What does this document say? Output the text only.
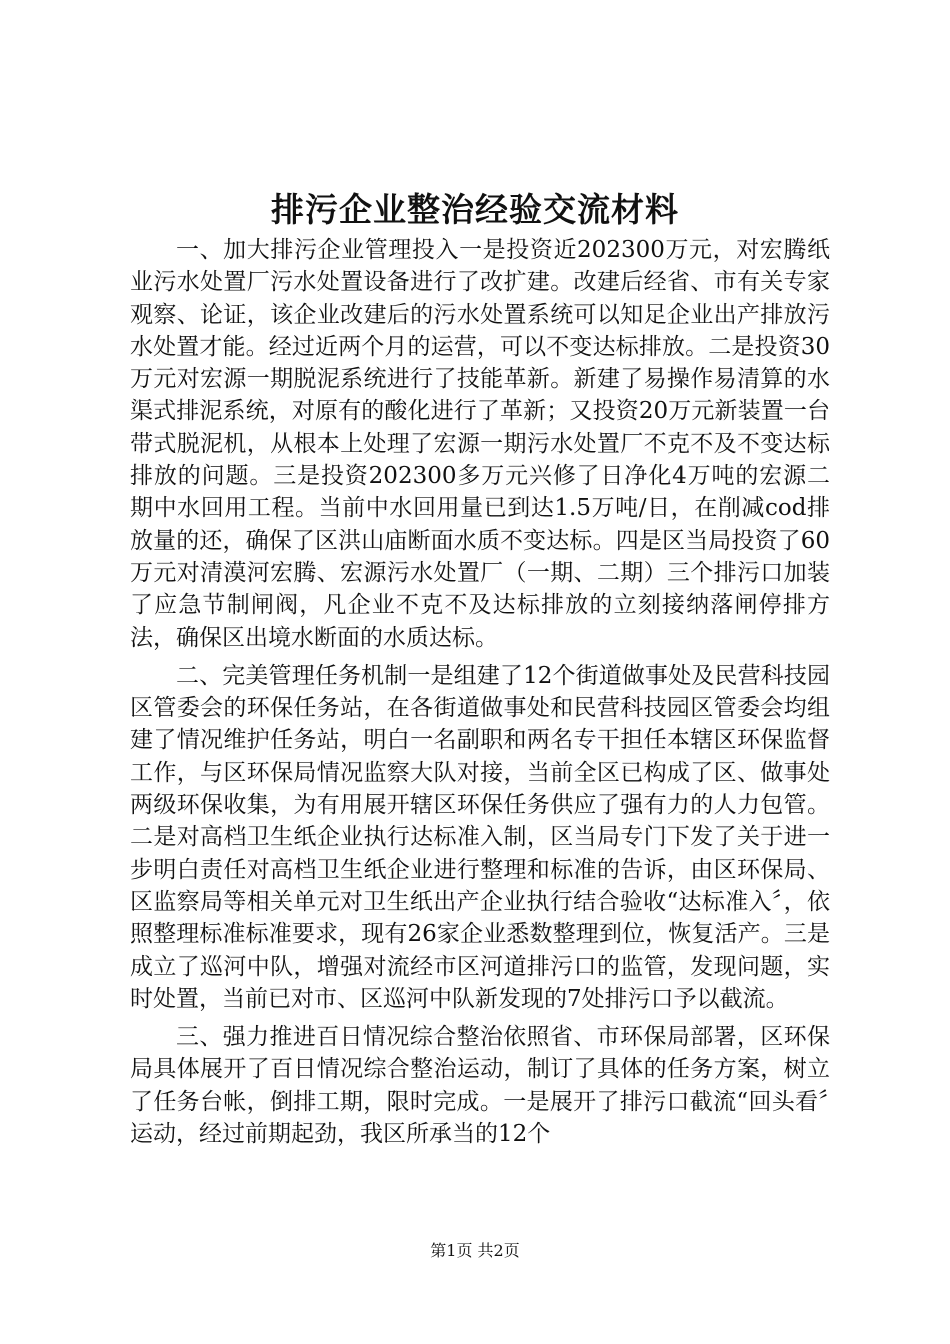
排污企业整治经验交流材料

一、加大排污企业管理投入一是投资近202300万元，对宏腾纸业污水处置厂污水处置设备进行了改扩建。改建后经省、市有关专家观察、论证，该企业改建后的污水处置系统可以知足企业出产排放污水处置才能。经过近两个月的运营，可以不变达标排放。二是投资30万元对宏源一期脱泥系统进行了技能革新。新建了易操作易清算的水渠式排泥系统，对原有的酸化进行了革新；又投资20万元新装置一台带式脱泥机，从根本上处理了宏源一期污水处置厂不克不及不变达标排放的问题。三是投资202300多万元兴修了日净化4万吨的宏源二期中水回用工程。当前中水回用量已到达1.5万吨/日，在削减cod排放量的还，确保了区洪山庙断面水质不变达标。四是区当局投资了60万元对清漠河宏腾、宏源污水处置厂（一期、二期）三个排污口加装了应急节制闸阀，凡企业不克不及达标排放的立刻接纳落闸停排方法，确保区出境水断面的水质达标。

二、完美管理任务机制一是组建了12个街道做事处及民营科技园区管委会的环保任务站，在各街道做事处和民营科技园区管委会均组建了情况维护任务站，明白一名副职和两名专干担任本辖区环保监督工作，与区环保局情况监察大队对接，当前全区已构成了区、做事处两级环保收集，为有用展开辖区环保任务供应了强有力的人力包管。二是对高档卫生纸企业执行达标准入制，区当局专门下发了关于进一步明白责任对高档卫生纸企业进行整理和标准的告诉，由区环保局、区监察局等相关单元对卫生纸出产企业执行结合验收“达标准入〞，依照整理标准标准要求，现有26家企业悉数整理到位，恢复活产。三是成立了巡河中队，增强对流经市区河道排污口的监管，发现问题，实时处置，当前已对市、区巡河中队新发现的7处排污口予以截流。

三、强力推进百日情况综合整治依照省、市环保局部署，区环保局具体展开了百日情况综合整治运动，制订了具体的任务方案，树立了任务台帐，倒排工期，限时完成。一是展开了排污口截流“回头看〞运动，经过前期起劲，我区所承当的12个

第1页 共2页
